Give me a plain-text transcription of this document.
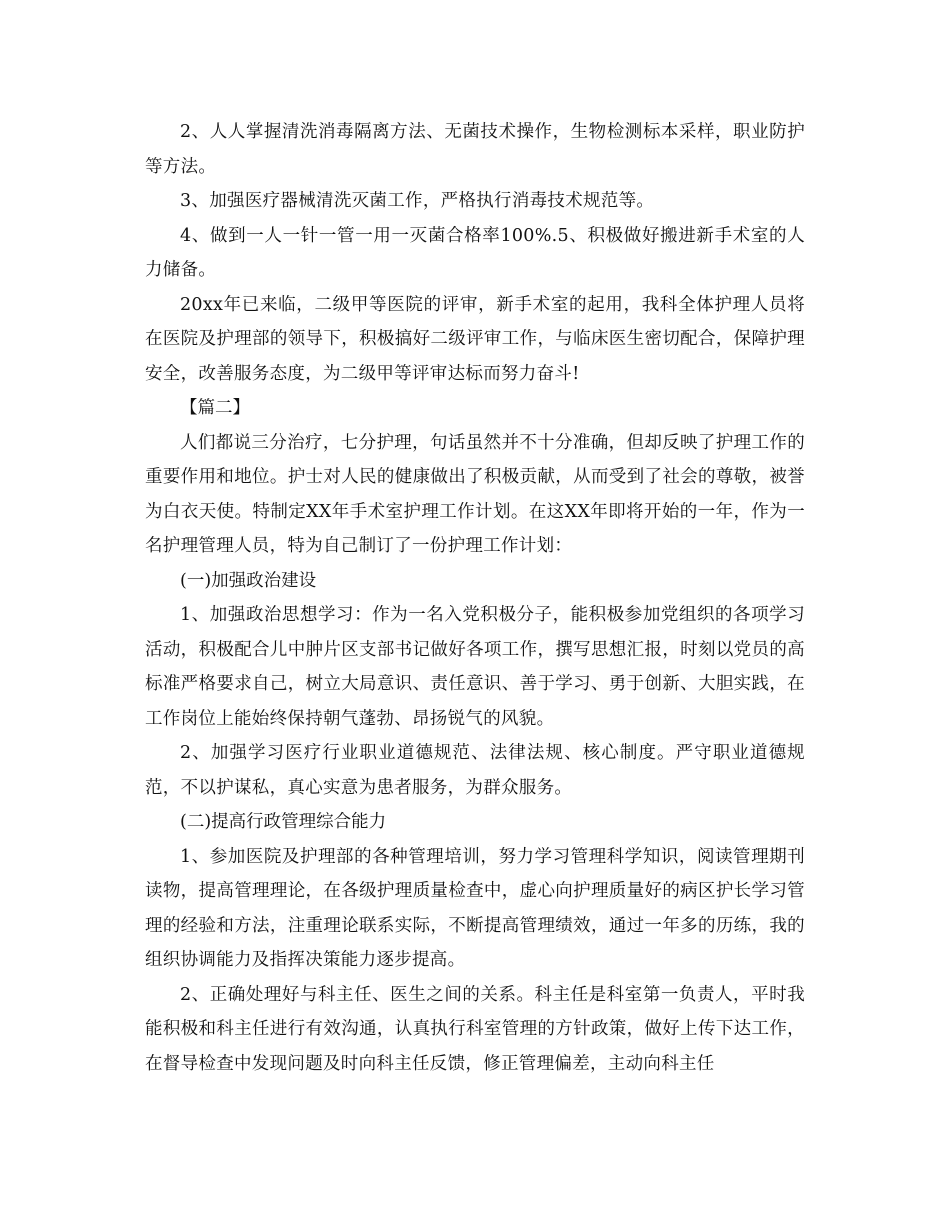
2、人人掌握清洗消毒隔离方法、无菌技术操作，生物检测标本采样，职业防护等方法。

3、加强医疗器械清洗灭菌工作，严格执行消毒技术规范等。

4、做到一人一针一管一用一灭菌合格率100%.5、积极做好搬进新手术室的人力储备。

20xx年已来临，二级甲等医院的评审，新手术室的起用，我科全体护理人员将在医院及护理部的领导下，积极搞好二级评审工作，与临床医生密切配合，保障护理安全，改善服务态度，为二级甲等评审达标而努力奋斗!

【篇二】

人们都说三分治疗，七分护理，句话虽然并不十分准确，但却反映了护理工作的重要作用和地位。护士对人民的健康做出了积极贡献，从而受到了社会的尊敬，被誉为白衣天使。特制定XX年手术室护理工作计划。在这XX年即将开始的一年，作为一名护理管理人员，特为自己制订了一份护理工作计划：

(一)加强政治建设

1、加强政治思想学习：作为一名入党积极分子，能积极参加党组织的各项学习活动，积极配合儿中肿片区支部书记做好各项工作，撰写思想汇报，时刻以党员的高标准严格要求自己，树立大局意识、责任意识、善于学习、勇于创新、大胆实践，在工作岗位上能始终保持朝气蓬勃、昂扬锐气的风貌。

2、加强学习医疗行业职业道德规范、法律法规、核心制度。严守职业道德规范，不以护谋私，真心实意为患者服务，为群众服务。

(二)提高行政管理综合能力

1、参加医院及护理部的各种管理培训，努力学习管理科学知识，阅读管理期刊读物，提高管理理论，在各级护理质量检查中，虚心向护理质量好的病区护长学习管理的经验和方法，注重理论联系实际，不断提高管理绩效，通过一年多的历练，我的组织协调能力及指挥决策能力逐步提高。

2、正确处理好与科主任、医生之间的关系。科主任是科室第一负责人，平时我能积极和科主任进行有效沟通，认真执行科室管理的方针政策，做好上传下达工作，在督导检查中发现问题及时向科主任反馈，修正管理偏差，主动向科主任
